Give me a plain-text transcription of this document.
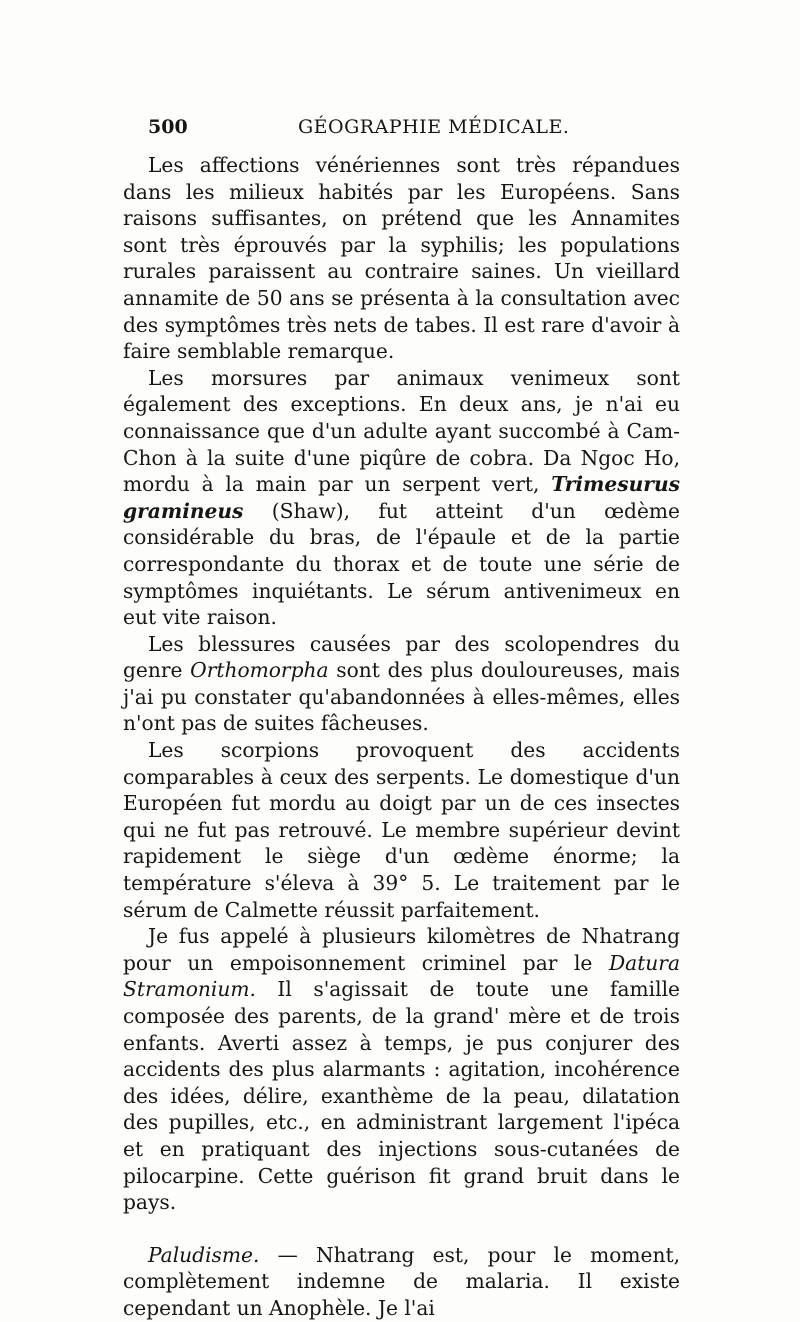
500	GÉOGRAPHIE MÉDICALE.

Les affections vénériennes sont très répandues dans les milieux habités par les Européens. Sans raisons suffisantes, on prétend que les Annamites sont très éprouvés par la syphilis; les populations rurales paraissent au contraire saines. Un vieillard annamite de 50 ans se présenta à la consultation avec des symptômes très nets de tabes. Il est rare d'avoir à faire semblable remarque.

Les morsures par animaux venimeux sont également des exceptions. En deux ans, je n'ai eu connaissance que d'un adulte ayant succombé à Cam-Chon à la suite d'une piqûre de cobra. Da Ngoc Ho, mordu à la main par un serpent vert, Trimesurus gramineus (Shaw), fut atteint d'un œdème considérable du bras, de l'épaule et de la partie correspondante du thorax et de toute une série de symptômes inquiétants. Le sérum antivenimeux en eut vite raison.

Les blessures causées par des scolopendres du genre Orthomorpha sont des plus douloureuses, mais j'ai pu constater qu'abandonnées à elles-mêmes, elles n'ont pas de suites fâcheuses.

Les scorpions provoquent des accidents comparables à ceux des serpents. Le domestique d'un Européen fut mordu au doigt par un de ces insectes qui ne fut pas retrouvé. Le membre supérieur devint rapidement le siège d'un œdème énorme; la température s'éleva à 39° 5. Le traitement par le sérum de Calmette réussit parfaitement.

Je fus appelé à plusieurs kilomètres de Nhatrang pour un empoisonnement criminel par le Datura Stramonium. Il s'agissait de toute une famille composée des parents, de la grand' mère et de trois enfants. Averti assez à temps, je pus conjurer des accidents des plus alarmants : agitation, incohérence des idées, délire, exanthème de la peau, dilatation des pupilles, etc., en administrant largement l'ipéca et en pratiquant des injections sous-cutanées de pilocarpine. Cette guérison fit grand bruit dans le pays.

Paludisme. — Nhatrang est, pour le moment, complètement indemne de malaria. Il existe cependant un Anophèle. Je l'ai
